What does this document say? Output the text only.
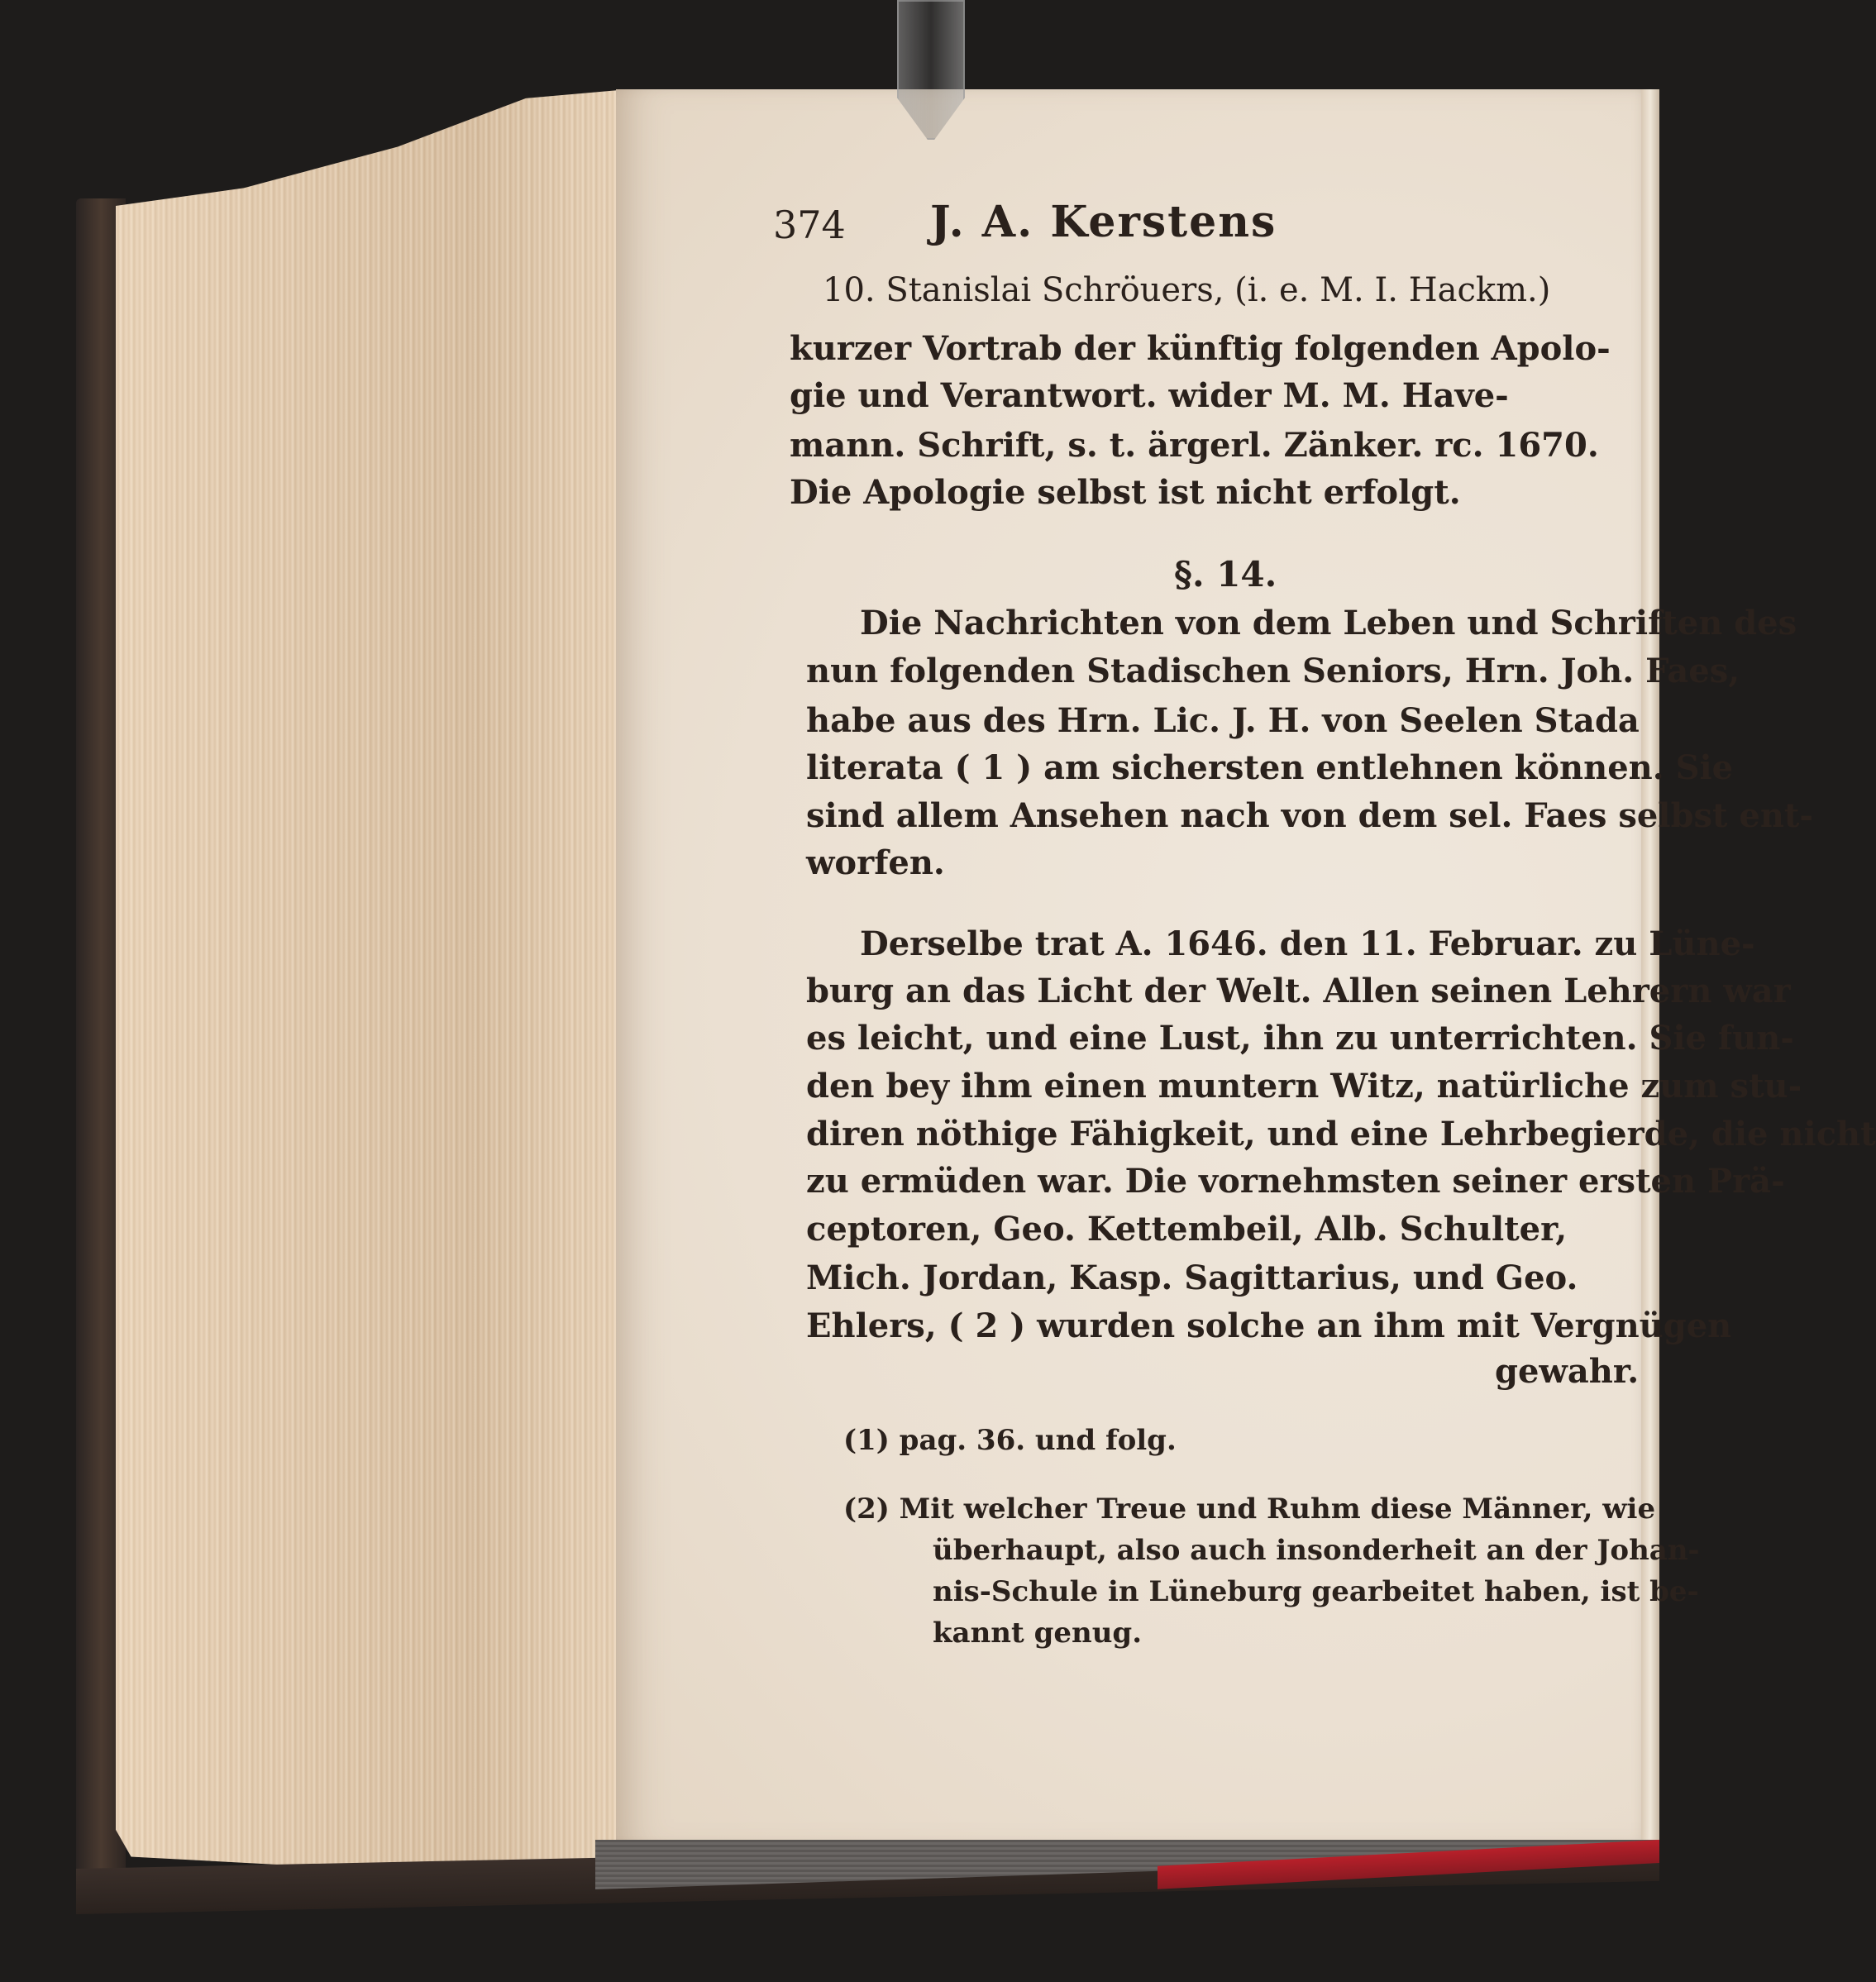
374 J. A. Kerstens
10. Stanislai Schröuers, (i. e. M. I. Hackm.)
kurzer Vortrab der künftig folgenden Apolo-
gie und Verantwort. wider M. M. Have-
mann. Schrift, s. t. ärgerl. Zänker. rc. 1670.
Die Apologie selbst ist nicht erfolgt.
§. 14.
Die Nachrichten von dem Leben und Schriften des
nun folgenden Stadischen Seniors, Hrn. Joh. Faes,
habe aus des Hrn. Lic. J. H. von Seelen Stada
literata ( 1 ) am sichersten entlehnen können. Sie
sind allem Ansehen nach von dem sel. Faes selbst ent-
worfen.
Derselbe trat A. 1646. den 11. Februar. zu Lüne-
burg an das Licht der Welt. Allen seinen Lehrern war
es leicht, und eine Lust, ihn zu unterrichten. Sie fun-
den bey ihm einen muntern Witz, natürliche zum stu-
diren nöthige Fähigkeit, und eine Lehrbegierde, die nicht
zu ermüden war. Die vornehmsten seiner ersten Prä-
ceptoren, Geo. Kettembeil, Alb. Schulter,
Mich. Jordan, Kasp. Sagittarius, und Geo.
Ehlers, ( 2 ) wurden solche an ihm mit Vergnügen
gewahr.
(1) pag. 36. und folg.
(2) Mit welcher Treue und Ruhm diese Männer, wie
überhaupt, also auch insonderheit an der Johan-
nis-Schule in Lüneburg gearbeitet haben, ist be-
kannt genug.
